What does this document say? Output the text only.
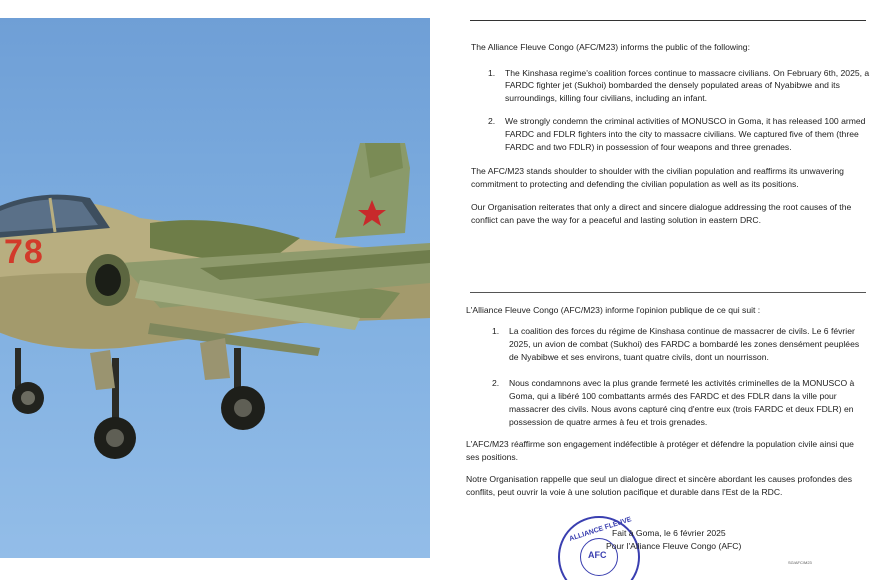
78
The Alliance Fleuve Congo (AFC/M23) informs the public of the following:
1. The Kinshasa regime's coalition forces continue to massacre civilians. On February 6th, 2025, a
FARDC fighter jet (Sukhoi) bombarded the densely populated areas of Nyabibwe and its
surroundings, killing four civilians, including an infant.
2. We strongly condemn the criminal activities of MONUSCO in Goma, it has released 100 armed
FARDC and FDLR fighters into the city to massacre civilians. We captured five of them (three
FARDC and two FDLR) in possession of four weapons and three grenades.
The AFC/M23 stands shoulder to shoulder with the civilian population and reaffirms its unwavering
commitment to protecting and defending the civilian population as well as its positions.
Our Organisation reiterates that only a direct and sincere dialogue addressing the root causes of the
conflict can pave the way for a peaceful and lasting solution in eastern DRC.
L'Alliance Fleuve Congo (AFC/M23) informe l'opinion publique de ce qui suit :
1. La coalition des forces du régime de Kinshasa continue de massacrer de civils. Le 6 février
2025, un avion de combat (Sukhoi) des FARDC a bombardé les zones densément peuplées
de Nyabibwe et ses environs, tuant quatre civils, dont un nourrisson.
2. Nous condamnons avec la plus grande fermeté les activités criminelles de la MONUSCO à
Goma, qui a libéré 100 combattants armés des FARDC et des FDLR dans la ville pour
massacrer des civils. Nous avons capturé cinq d'entre eux (trois FARDC et deux FDLR) en
possession de quatre armes à feu et trois grenades.
L'AFC/M23 réaffirme son engagement indéfectible à protéger et défendre la population civile ainsi que
ses positions.
Notre Organisation rappelle que seul un dialogue direct et sincère abordant les causes profondes des
conflits, peut ouvrir la voie à une solution pacifique et durable dans l'Est de la RDC.
ALLIANCE FLEUVE
AFC
Fait à Goma, le 6 février 2025
Pour l'Alliance Fleuve Congo (AFC)
SG/AFC/M23
